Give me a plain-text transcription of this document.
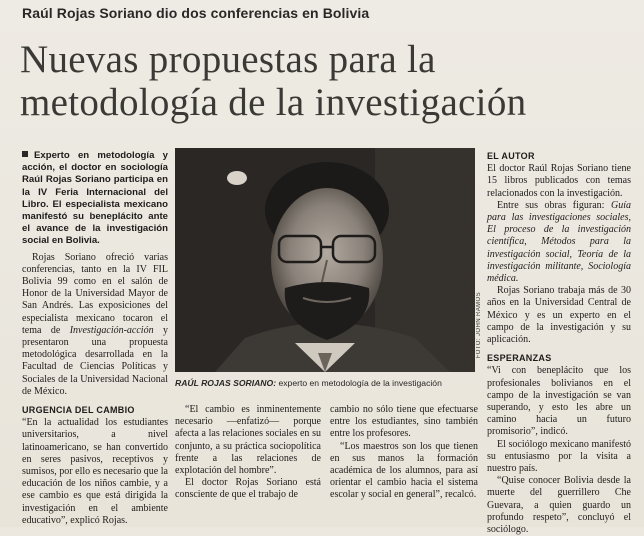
Raúl Rojas Soriano dio dos conferencias en Bolivia
Nuevas propuestas para la metodología de la investigación
Experto en metodología y acción, el doctor en sociología Raúl Rojas Soriano participa en la IV Feria Internacional del Libro. El especialista mexicano manifestó su beneplácito ante el avance de la investigación social en Bolivia.

Rojas Soriano ofreció varias conferencias, tanto en la IV FIL Bolivia 99 como en el salón de Honor de la Universidad Mayor de San Andrés. Las exposiciones del especialista mexicano tocaron el tema de Investigación-acción y presentaron una propuesta metodológica desarrollada en la Facultad de Ciencias Políticas y Sociales de la Universidad Nacional de México.

URGENCIA DEL CAMBIO

“En la actualidad los estudiantes universitarios, a nivel latinoamericano, se han convertido en seres pasivos, receptivos y sumisos, por ello es necesario que la educación de los niños cambie, y a ese cambio es que está dirigida la investigación en el ambiente educativo”, explicó Rojas.

FOTO: JOHN RAMOS
RAÚL ROJAS SORIANO: experto en metodología de la investigación

“El cambio es inminentemente necesario —enfatizó— porque afecta a las relaciones sociales en su conjunto, a su práctica sociopolítica frente a las relaciones de explotación del hombre”.

El doctor Rojas Soriano está consciente de que el trabajo de

cambio no sólo tiene que efectuarse entre los estudiantes, sino también entre los profesores.

“Los maestros son los que tienen en sus manos la formación académica de los alumnos, para así orientar el cambio hacia el sistema escolar y social en general”, recalcó.

EL AUTOR

El doctor Raúl Rojas Soriano tiene 15 libros publicados con temas relacionados con la investigación.

Entre sus obras figuran: Guía para las investigaciones sociales, El proceso de la investigación científica, Métodos para la investigación social, Teoría de la investigación militante, Sociología médica.

Rojas Soriano trabaja más de 30 años en la Universidad Central de México y es un experto en el campo de la investigación y su aplicación.

ESPERANZAS

“Vi con beneplácito que los profesionales bolivianos en el campo de la investigación se van superando, y esto les abre un camino hacia un futuro promisorio”, indicó.

El sociólogo mexicano manifestó su entusiasmo por la visita a nuestro país.

“Quise conocer Bolivia desde la muerte del guerrillero Che Guevara, a quien guardo un profundo respeto”, concluyó el sociólogo.
